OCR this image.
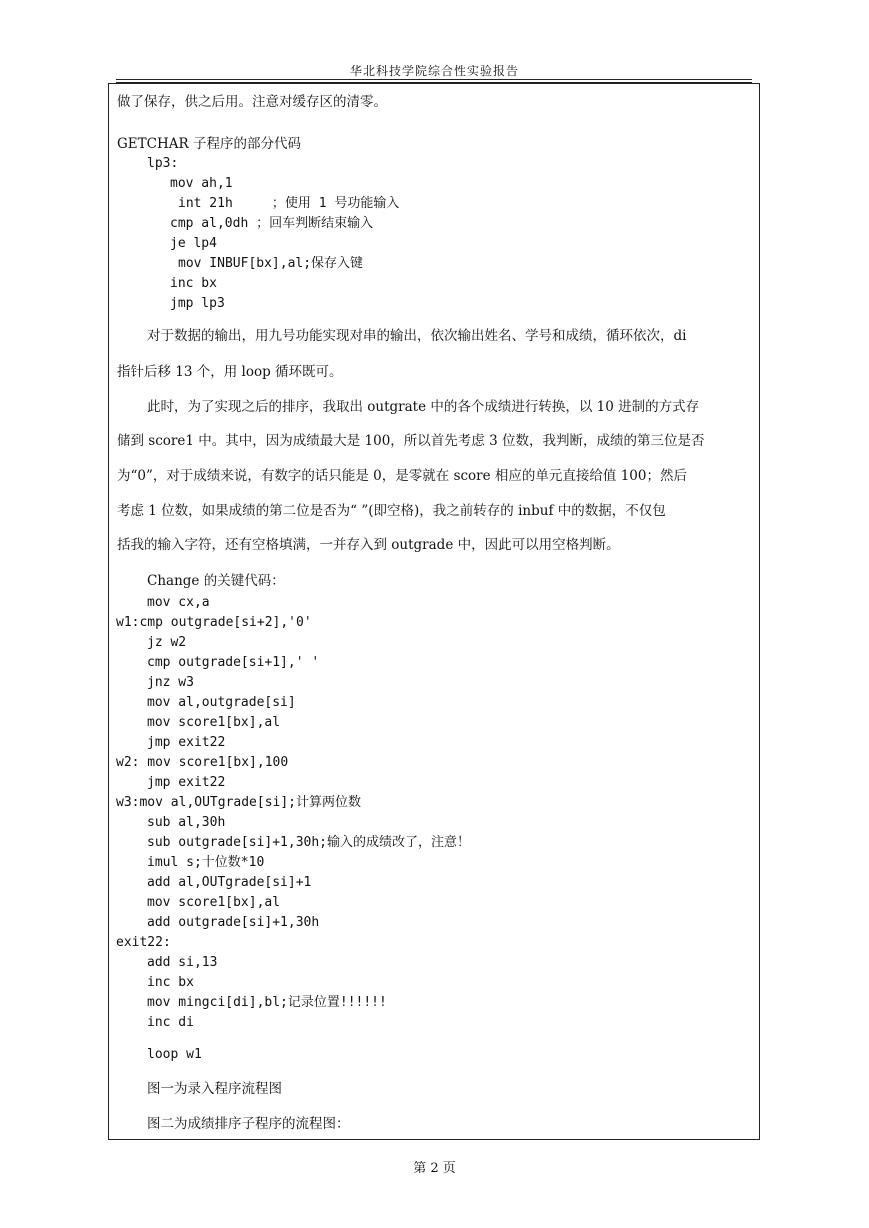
华北科技学院综合性实验报告
做了保存，供之后用。注意对缓存区的清零。
GETCHAR 子程序的部分代码
lp3:
mov ah,1
int 21h     ；使用 1 号功能输入
cmp al,0dh ；回车判断结束输入
je lp4
mov INBUF[bx],al;保存入键
inc bx
jmp lp3
对于数据的输出，用九号功能实现对串的输出，依次输出姓名、学号和成绩，循环依次，di
指针后移 13 个，用 loop 循环既可。
此时，为了实现之后的排序，我取出 outgrate 中的各个成绩进行转换，以 10 进制的方式存
储到 score1 中。其中，因为成绩最大是 100，所以首先考虑 3 位数，我判断，成绩的第三位是否
为“0”，对于成绩来说，有数字的话只能是 0，是零就在 score 相应的单元直接给值 100；然后
考虑 1 位数，如果成绩的第二位是否为“ ”(即空格)，我之前转存的 inbuf 中的数据，不仅包
括我的输入字符，还有空格填满，一并存入到 outgrade 中，因此可以用空格判断。
Change 的关键代码：
mov cx,a
w1:cmp outgrade[si+2],'0'
jz w2
cmp outgrade[si+1],' '
jnz w3
mov al,outgrade[si]
mov score1[bx],al
jmp exit22
w2: mov score1[bx],100
jmp exit22
w3:mov al,OUTgrade[si];计算两位数
sub al,30h
sub outgrade[si]+1,30h;输入的成绩改了，注意！
imul s;十位数*10
add al,OUTgrade[si]+1
mov score1[bx],al
add outgrade[si]+1,30h
exit22:
add si,13
inc bx
mov mingci[di],bl;记录位置!!!!!!
inc di
loop w1
图一为录入程序流程图
图二为成绩排序子程序的流程图：
第 2 页
